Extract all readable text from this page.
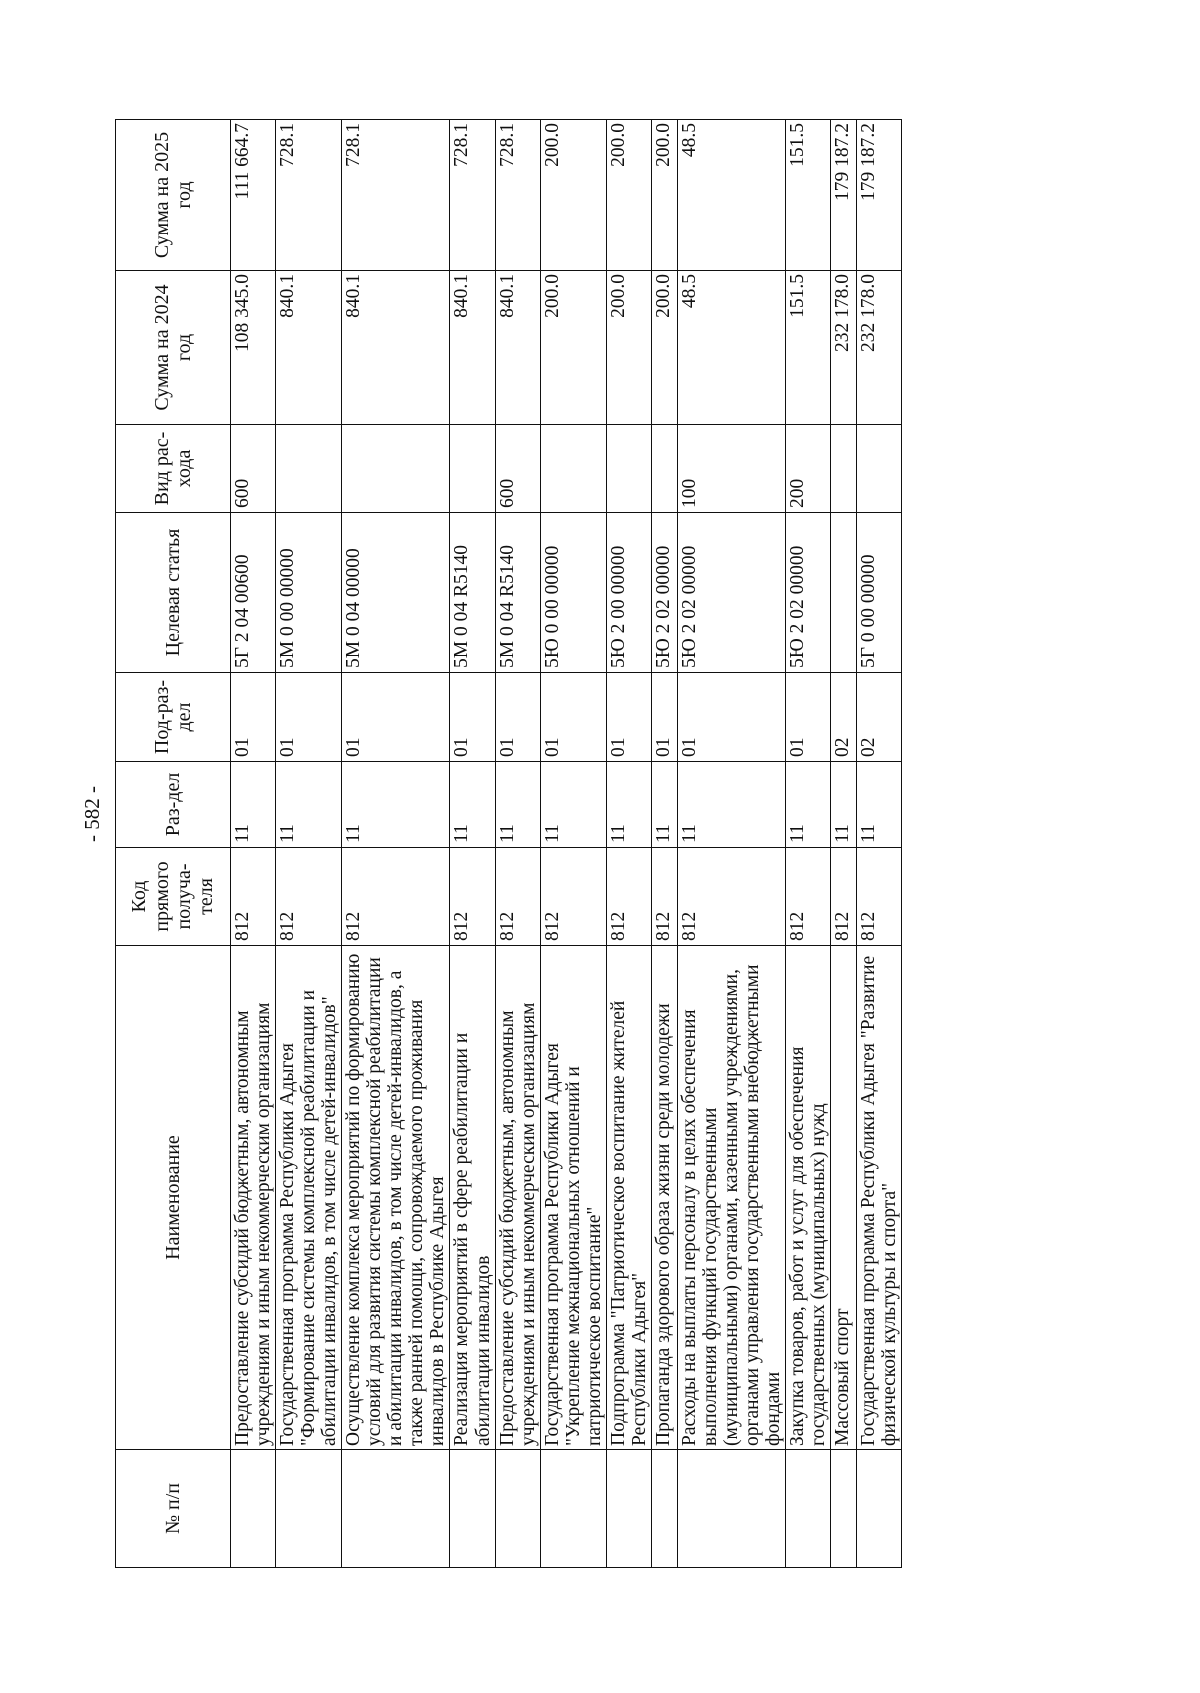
- 582 -
№ п/п	Наименование	Код прямого получа-теля	Раз-дел	Под-раз-дел	Целевая статья	Вид рас-хода	Сумма на 2024 год	Сумма на 2025 год
	Предоставление субсидий бюджетным, автономным учреждениям и иным некоммерческим организациям	812	11	01	5Г 2 04 00600	600	108 345.0	111 664.7
	Государственная программа Республики Адыгея "Формирование системы комплексной реабилитации и абилитации инвалидов, в том числе детей-инвалидов"	812	11	01	5М 0 00 00000		840.1	728.1
	Осуществление комплекса мероприятий по формированию условий для развития системы комплексной реабилитации и абилитации инвалидов, в том числе детей-инвалидов, а также ранней помощи, сопровождаемого проживания инвалидов в Республике Адыгея	812	11	01	5М 0 04 00000		840.1	728.1
	Реализация мероприятий в сфере реабилитации и абилитации инвалидов	812	11	01	5М 0 04 R5140		840.1	728.1
	Предоставление субсидий бюджетным, автономным учреждениям и иным некоммерческим организациям	812	11	01	5М 0 04 R5140	600	840.1	728.1
	Государственная программа Республики Адыгея "Укрепление межнациональных отношений и патриотическое воспитание"	812	11	01	5Ю 0 00 00000		200.0	200.0
	Подпрограмма "Патриотическое воспитание жителей Республики Адыгея"	812	11	01	5Ю 2 00 00000		200.0	200.0
	Пропаганда здорового образа жизни среди молодежи	812	11	01	5Ю 2 02 00000		200.0	200.0
	Расходы на выплаты персоналу в целях обеспечения выполнения функций государственными (муниципальными) органами, казенными учреждениями, органами управления государственными внебюджетными фондами	812	11	01	5Ю 2 02 00000	100	48.5	48.5
	Закупка товаров, работ и услуг для обеспечения государственных (муниципальных) нужд	812	11	01	5Ю 2 02 00000	200	151.5	151.5
	Массовый спорт	812	11	02			232 178.0	179 187.2
	Государственная программа Республики Адыгея "Развитие физической культуры и спорта"	812	11	02	5Г 0 00 00000		232 178.0	179 187.2
